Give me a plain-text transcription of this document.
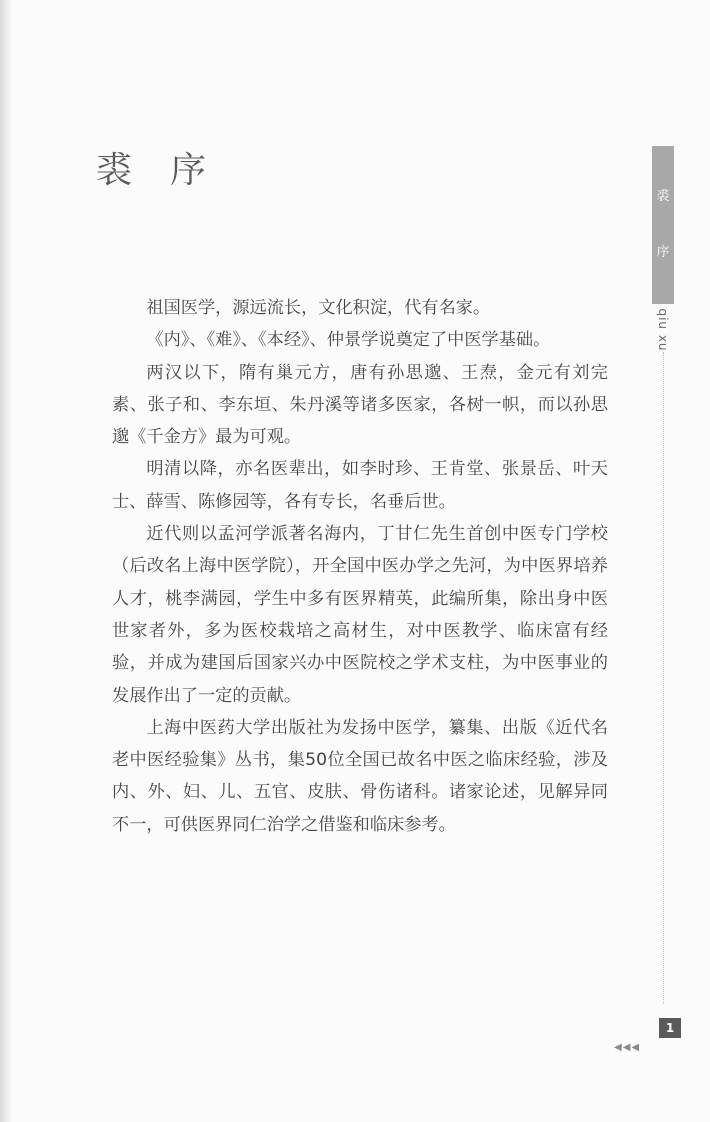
裘 序

祖国医学，源远流长，文化积淀，代有名家。

《内》、《难》、《本经》、仲景学说奠定了中医学基础。

两汉以下，隋有巢元方，唐有孙思邈、王焘，金元有刘完素、张子和、李东垣、朱丹溪等诸多医家，各树一帜，而以孙思邈《千金方》最为可观。

明清以降，亦名医辈出，如李时珍、王肯堂、张景岳、叶天士、薛雪、陈修园等，各有专长，名垂后世。

近代则以孟河学派著名海内，丁甘仁先生首创中医专门学校（后改名上海中医学院），开全国中医办学之先河，为中医界培养人才，桃李满园，学生中多有医界精英，此编所集，除出身中医世家者外，多为医校栽培之高材生，对中医教学、临床富有经验，并成为建国后国家兴办中医院校之学术支柱，为中医事业的发展作出了一定的贡献。

上海中医药大学出版社为发扬中医学，纂集、出版《近代名老中医经验集》丛书，集50位全国已故名中医之临床经验，涉及内、外、妇、儿、五官、皮肤、骨伤诸科。诸家论述，见解异同不一，可供医界同仁治学之借鉴和临床参考。

裘
序
qiu xu
1
◀◀◀
